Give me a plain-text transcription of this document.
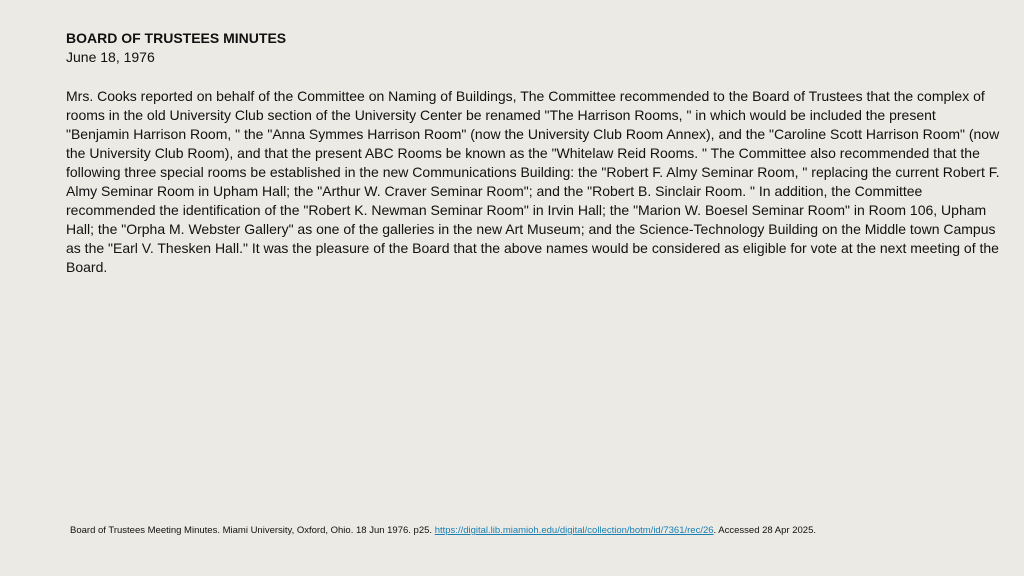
BOARD OF TRUSTEES MINUTES
June 18, 1976

Mrs. Cooks reported on behalf of the Committee on Naming of Buildings, The Committee recommended to the Board of Trustees that the complex of rooms in the old University Club section of the University Center be renamed "The Harrison Rooms, " in which would be included the present "Benjamin Harrison Room, " the "Anna Symmes Harrison Room" (now the University Club Room Annex), and the "Caroline Scott Harrison Room" (now the University Club Room), and that the present ABC Rooms be known as the "Whitelaw Reid Rooms. " The Committee also recommended that the following three special rooms be established in the new Communications Building: the "Robert F. Almy Seminar Room, " replacing the current Robert F. Almy Seminar Room in Upham Hall; the "Arthur W. Craver Seminar Room"; and the "Robert B. Sinclair Room. " In addition, the Committee recommended the identification of the "Robert K. Newman Seminar Room" in Irvin Hall; the "Marion W. Boesel Seminar Room" in Room 106, Upham Hall; the "Orpha M. Webster Gallery" as one of the galleries in the new Art Museum; and the Science-Technology Building on the Middle town Campus as the "Earl V. Thesken Hall." It was the pleasure of the Board that the above names would be considered as eligible for vote at the next meeting of the Board.

Board of Trustees Meeting Minutes. Miami University, Oxford, Ohio. 18 Jun 1976. p25. https://digital.lib.miamioh.edu/digital/collection/botm/id/7361/rec/26. Accessed 28 Apr 2025.
